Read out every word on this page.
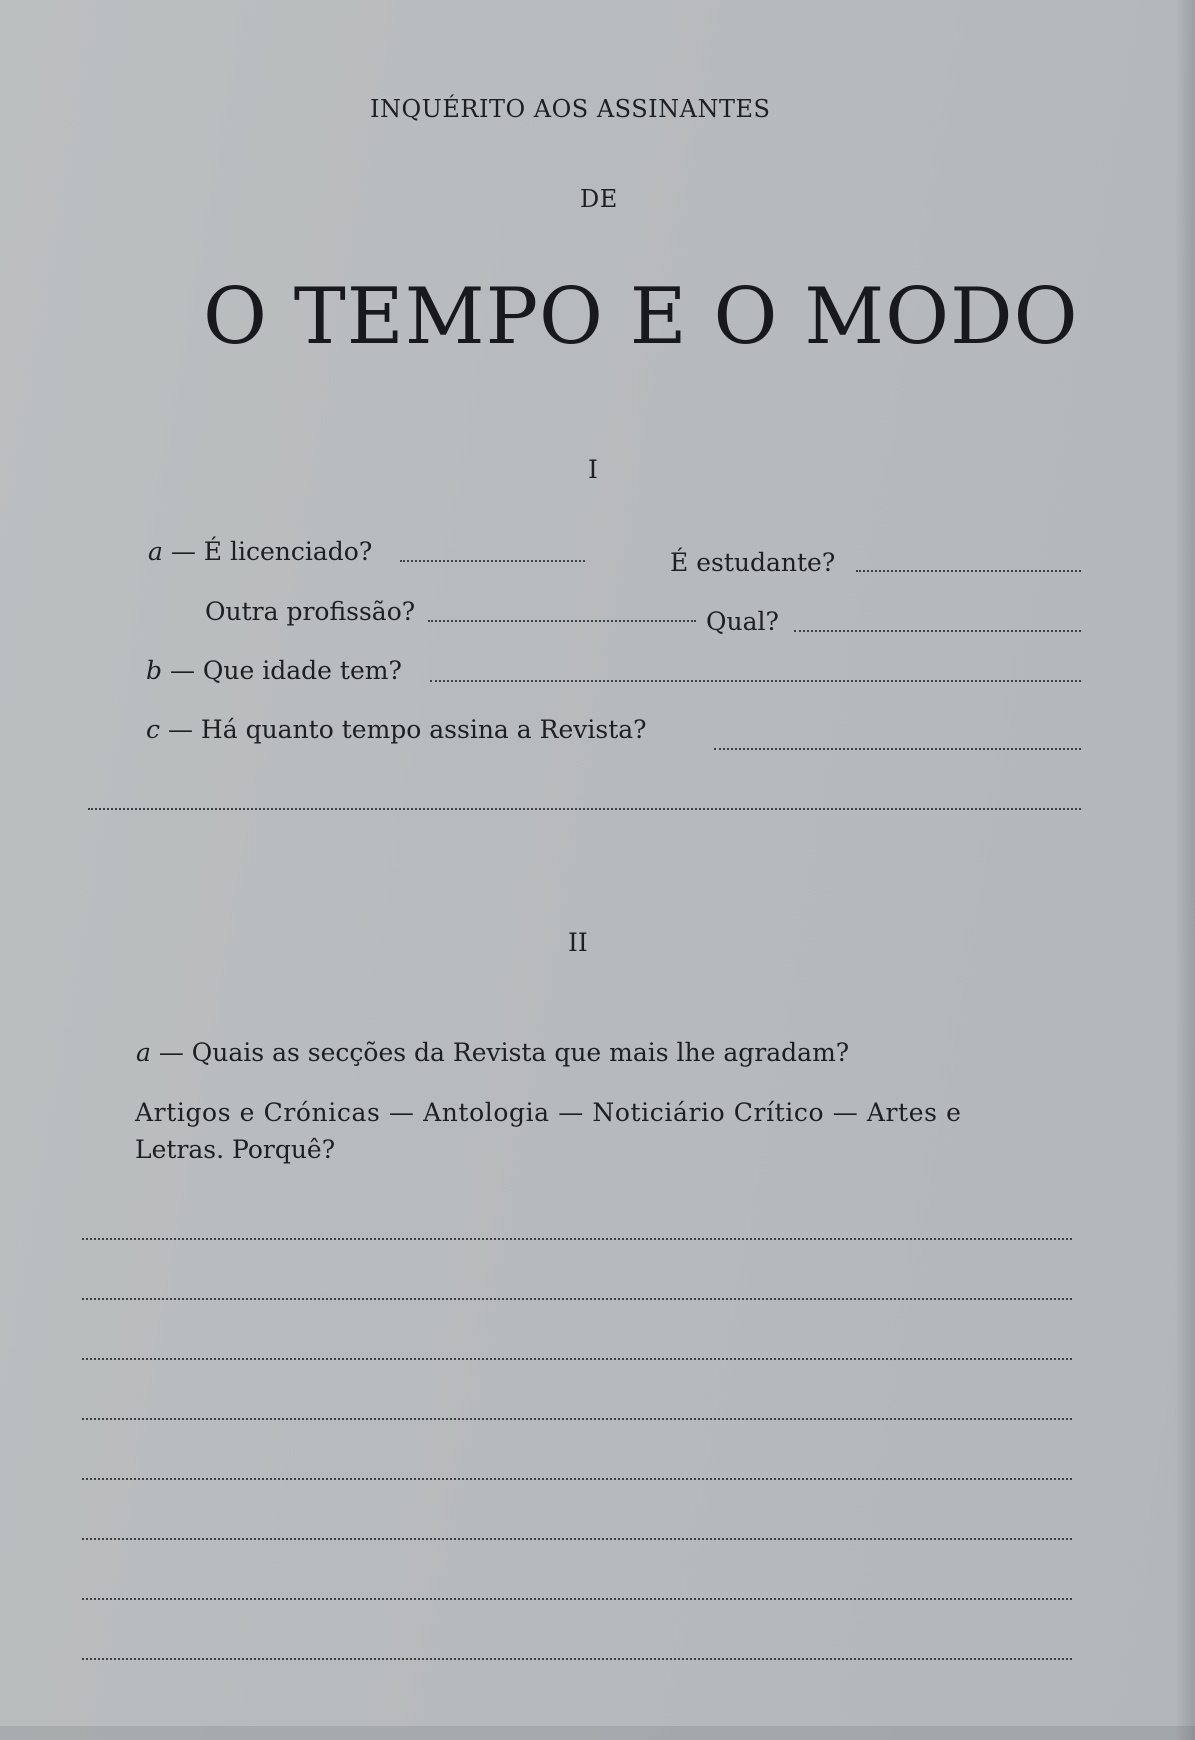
INQUÉRITO AOS ASSINANTES
DE
O TEMPO E O MODO
I
a — É licenciado?	É estudante?
Outra profissão?	Qual?
b — Que idade tem?
c — Há quanto tempo assina a Revista?
II
a — Quais as secções da Revista que mais lhe agradam?
Artigos e Crónicas — Antologia — Noticiário Crítico — Artes e
Letras. Porquê?
